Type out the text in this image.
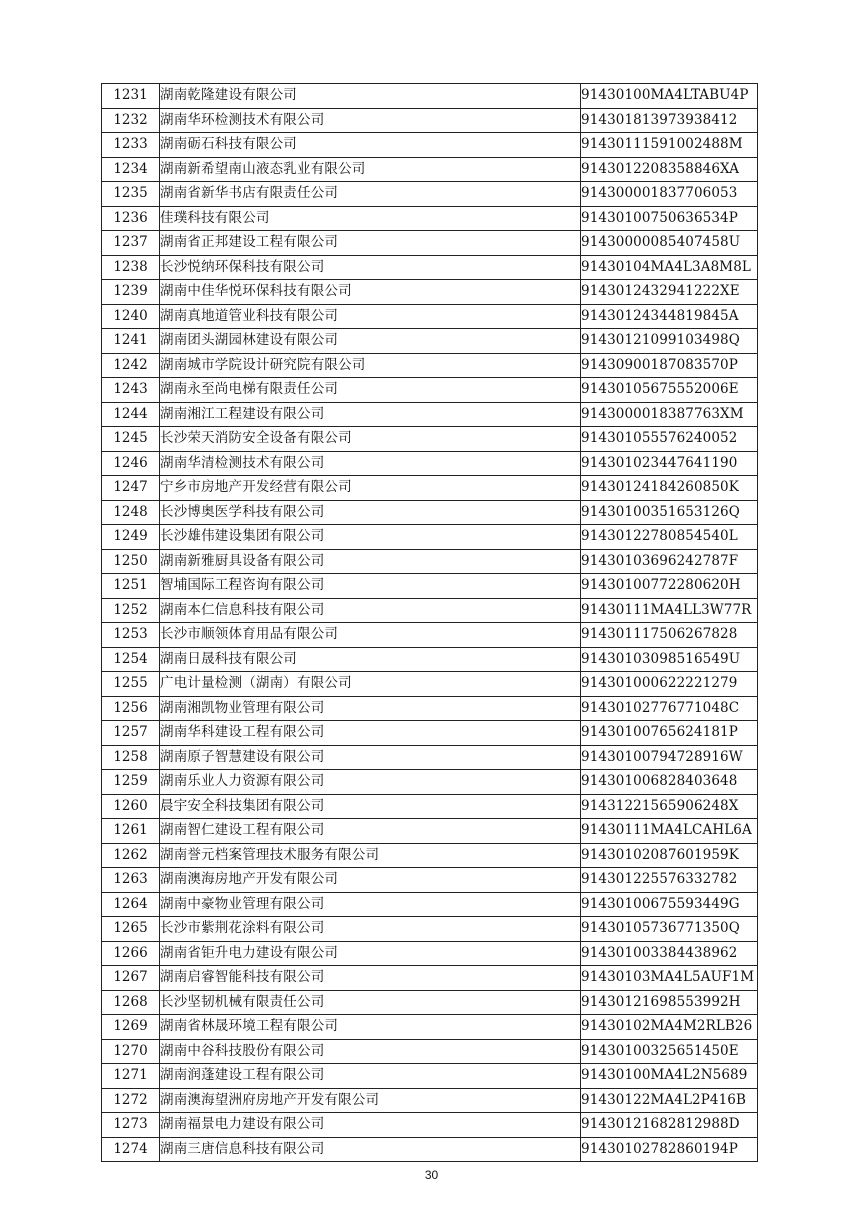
1231	湖南乾隆建设有限公司	91430100MA4LTABU4P
1232	湖南华环检测技术有限公司	914301813973938412
1233	湖南砺石科技有限公司	91430111591002488M
1234	湖南新希望南山液态乳业有限公司	9143012208358846XA
1235	湖南省新华书店有限责任公司	914300001837706053
1236	佳璞科技有限公司	91430100750636534P
1237	湖南省正邦建设工程有限公司	91430000085407458U
1238	长沙悦纳环保科技有限公司	91430104MA4L3A8M8L
1239	湖南中佳华悦环保科技有限公司	9143012432941222XE
1240	湖南真地道管业科技有限公司	91430124344819845A
1241	湖南团头湖园林建设有限公司	91430121099103498Q
1242	湖南城市学院设计研究院有限公司	91430900187083570P
1243	湖南永至尚电梯有限责任公司	91430105675552006E
1244	湖南湘江工程建设有限公司	9143000018387763XM
1245	长沙荣天消防安全设备有限公司	914301055576240052
1246	湖南华清检测技术有限公司	914301023447641190
1247	宁乡市房地产开发经营有限公司	91430124184260850K
1248	长沙博奥医学科技有限公司	91430100351653126Q
1249	长沙雄伟建设集团有限公司	91430122780854540L
1250	湖南新雅厨具设备有限公司	91430103696242787F
1251	智埔国际工程咨询有限公司	91430100772280620H
1252	湖南本仁信息科技有限公司	91430111MA4LL3W77R
1253	长沙市顺领体育用品有限公司	914301117506267828
1254	湖南日晟科技有限公司	91430103098516549U
1255	广电计量检测（湖南）有限公司	914301000622221279
1256	湖南湘凯物业管理有限公司	91430102776771048C
1257	湖南华科建设工程有限公司	91430100765624181P
1258	湖南原子智慧建设有限公司	91430100794728916W
1259	湖南乐业人力资源有限公司	914301006828403648
1260	晨宇安全科技集团有限公司	91431221565906248X
1261	湖南智仁建设工程有限公司	91430111MA4LCAHL6A
1262	湖南誉元档案管理技术服务有限公司	91430102087601959K
1263	湖南澳海房地产开发有限公司	914301225576332782
1264	湖南中豪物业管理有限公司	91430100675593449G
1265	长沙市紫荆花涂料有限公司	91430105736771350Q
1266	湖南省钜升电力建设有限公司	914301003384438962
1267	湖南启睿智能科技有限公司	91430103MA4L5AUF1M
1268	长沙坚韧机械有限责任公司	91430121698553992H
1269	湖南省林晟环境工程有限公司	91430102MA4M2RLB26
1270	湖南中谷科技股份有限公司	91430100325651450E
1271	湖南润蓬建设工程有限公司	91430100MA4L2N5689
1272	湖南澳海望洲府房地产开发有限公司	91430122MA4L2P416B
1273	湖南福景电力建设有限公司	91430121682812988D
1274	湖南三唐信息科技有限公司	91430102782860194P
30
